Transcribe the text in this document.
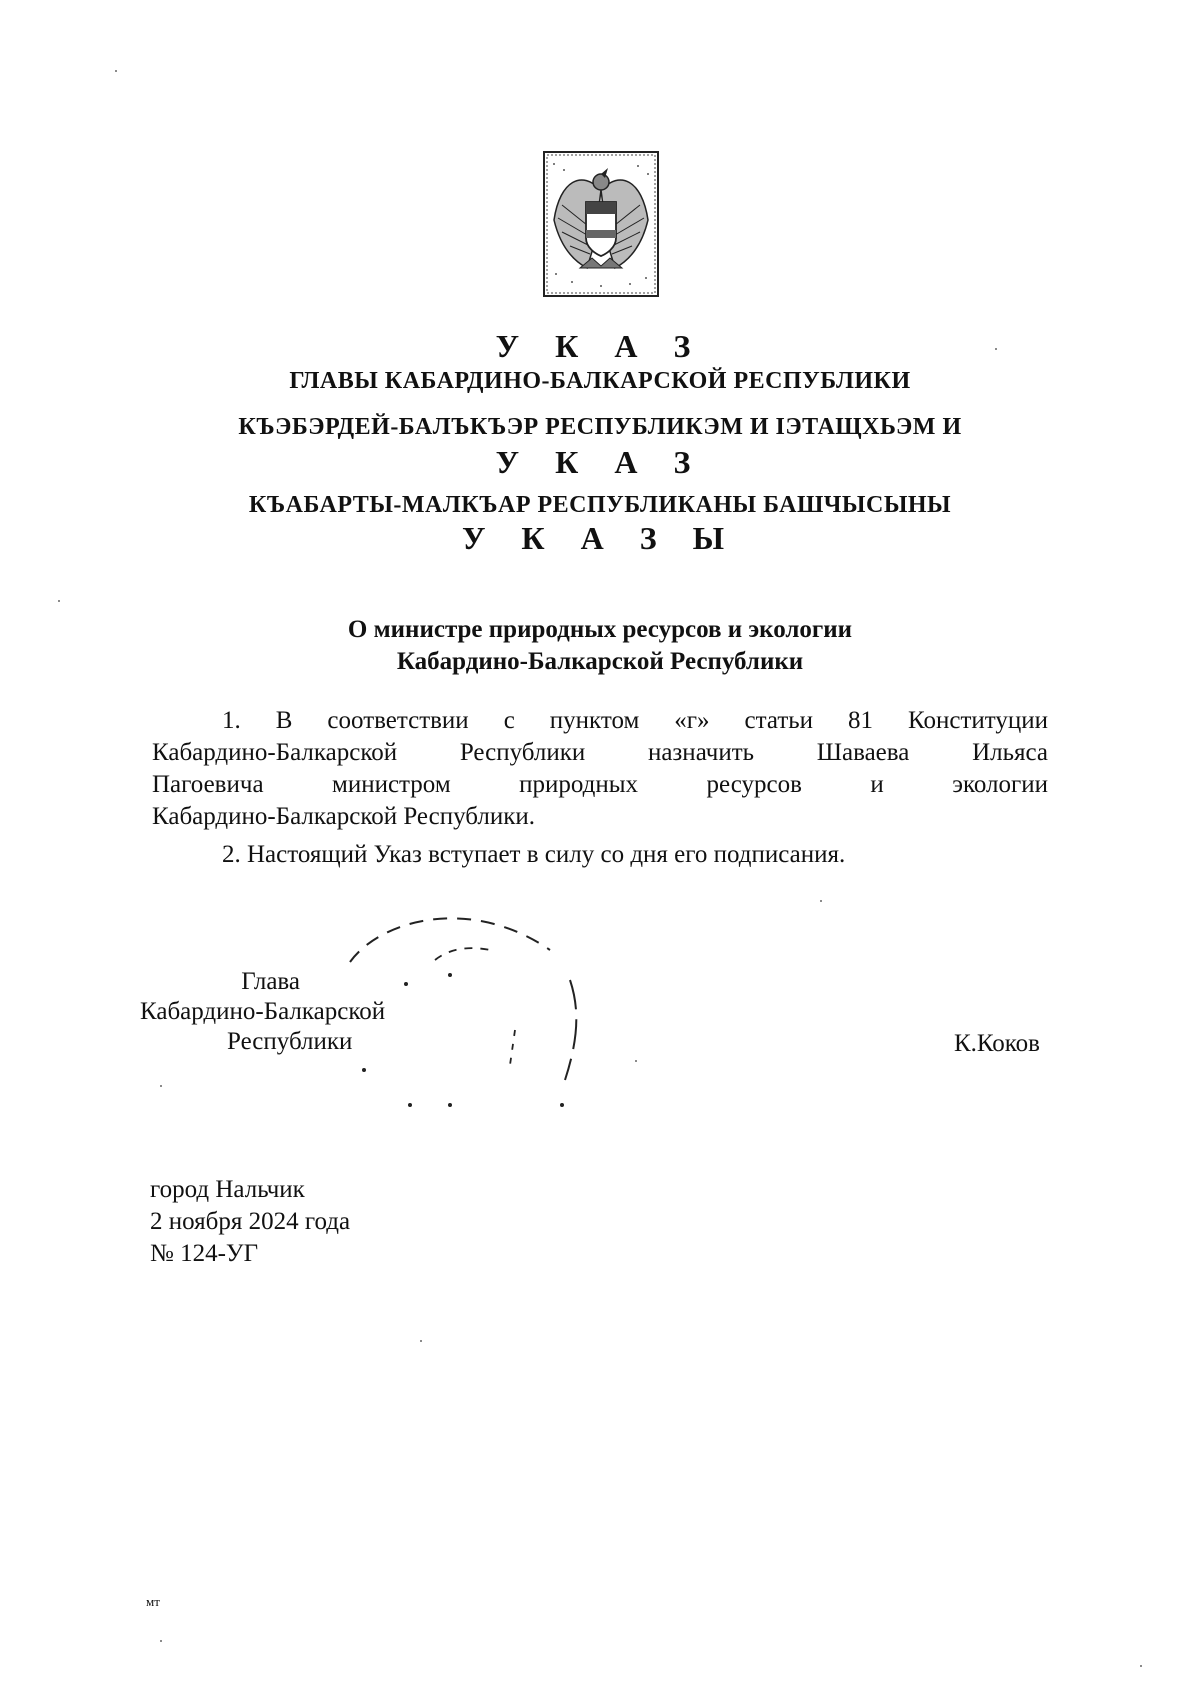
У К А З
ГЛАВЫ КАБАРДИНО-БАЛКАРСКОЙ РЕСПУБЛИКИ
КЪЭБЭРДЕЙ-БАЛЪКЪЭР РЕСПУБЛИКЭМ И IЭТАЩХЬЭМ И
У К А З
КЪАБАРТЫ-МАЛКЪАР РЕСПУБЛИКАНЫ БАШЧЫСЫНЫ
У К А З Ы
О министре природных ресурсов и экологии
Кабардино-Балкарской Республики
1. В соответствии с пунктом «г» статьи 81 Конституции
Кабардино-Балкарской Республики назначить Шаваева Ильяса
Пагоевича министром природных ресурсов и экологии
Кабардино-Балкарской Республики.
2. Настоящий Указ вступает в силу со дня его подписания.
Глава
Кабардино-Балкарской
Республики	К.Коков
город Нальчик
2 ноября 2024 года
№ 124-УГ
мт
